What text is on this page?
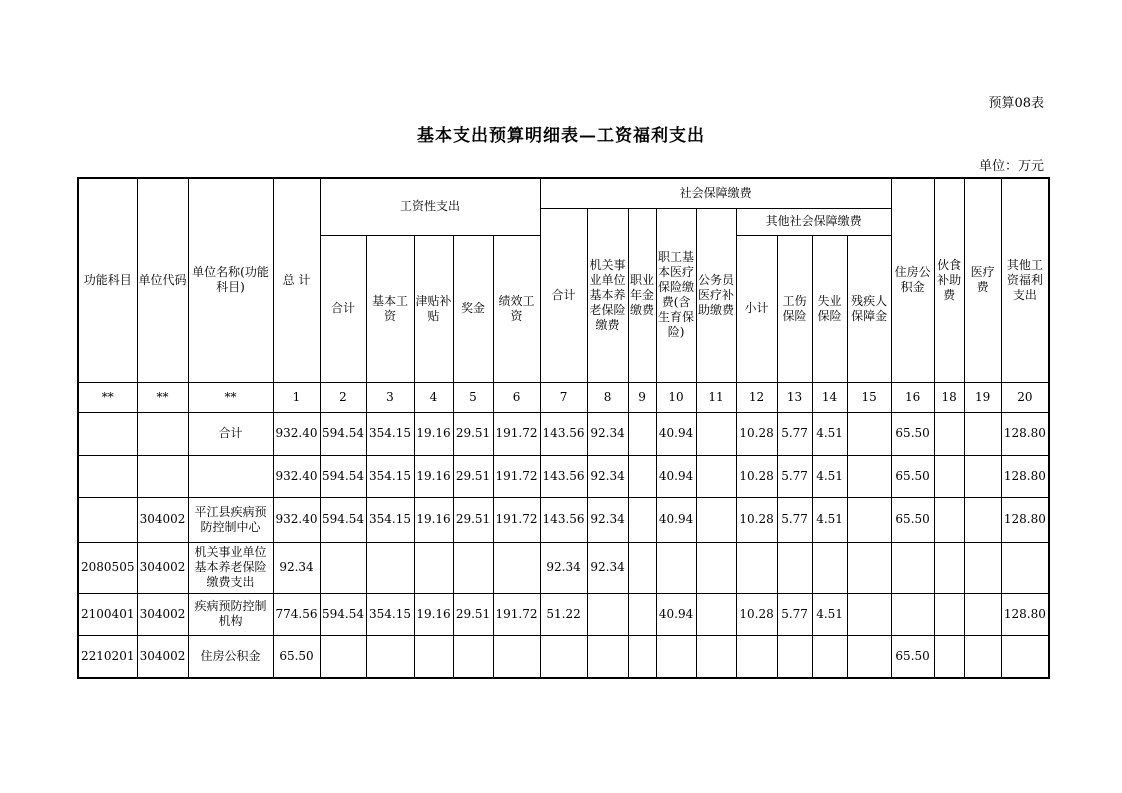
预算08表
基本支出预算明细表—工资福利支出
单位：万元
功能科目	单位代码	单位名称(功能科目)	总 计	工资性支出					社会保障缴费									住房公积金	伙食补助费	医疗费	其他工资福利支出
									合计	机关事业单位基本养老保险缴费	职业年金缴费	职工基本医疗保险缴费(含生育保险)	公务员医疗补助缴费	其他社会保障缴费							
				合计	基本工资	津贴补贴	奖金	绩效工资						小计	工伤保险	失业保险	残疾人保障金				
**	**	**	1	2	3	4	5	6	7	8	9	10	11	12	13	14	15	16	18	19	20
		合计	932.40	594.54	354.15	19.16	29.51	191.72	143.56	92.34		40.94		10.28	5.77	4.51		65.50			128.80
			932.40	594.54	354.15	19.16	29.51	191.72	143.56	92.34		40.94		10.28	5.77	4.51		65.50			128.80
	304002	平江县疾病预防控制中心	932.40	594.54	354.15	19.16	29.51	191.72	143.56	92.34		40.94		10.28	5.77	4.51		65.50			128.80
2080505	304002	机关事业单位基本养老保险缴费支出	92.34						92.34	92.34											
2100401	304002	疾病预防控制机构	774.56	594.54	354.15	19.16	29.51	191.72	51.22			40.94		10.28	5.77	4.51					128.80
2210201	304002	住房公积金	65.50															65.50			
